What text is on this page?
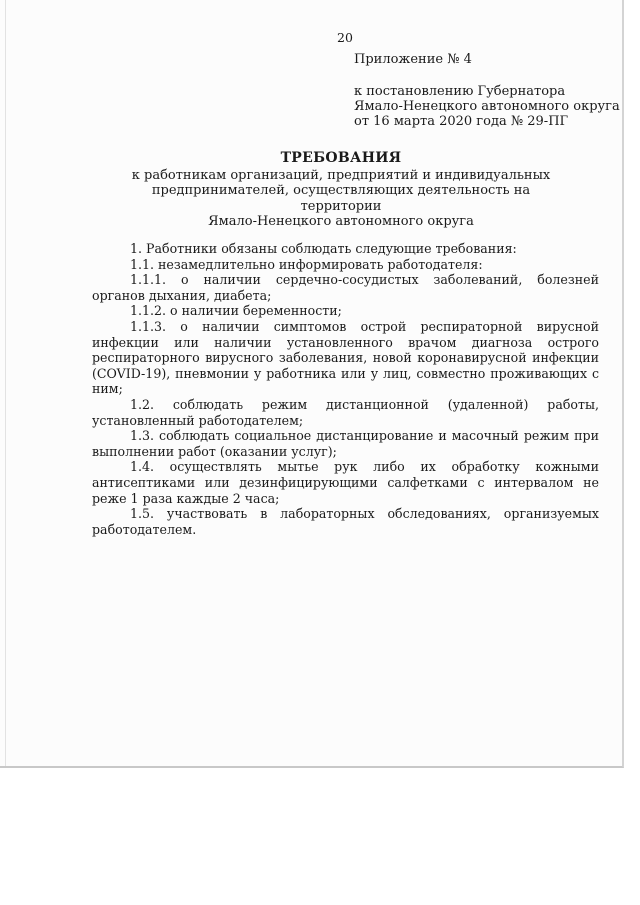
20
Приложение № 4
к постановлению Губернатора
Ямало-Ненецкого автономного округа
от 16 марта 2020 года № 29-ПГ
ТРЕБОВАНИЯ
к работникам организаций, предприятий и индивидуальных
предпринимателей, осуществляющих деятельность на территории
Ямало-Ненецкого автономного округа

1. Работники обязаны соблюдать следующие требования:

1.1. незамедлительно информировать работодателя:

1.1.1. о наличии сердечно-сосудистых заболеваний, болезней органов дыхания, диабета;

1.1.2. о наличии беременности;

1.1.3. о наличии симптомов острой респираторной вирусной инфекции или наличии установленного врачом диагноза острого респираторного вирусного заболевания, новой коронавирусной инфекции (COVID-19), пневмонии у работника или у лиц, совместно проживающих с ним;

1.2. соблюдать режим дистанционной (удаленной) работы, установленный работодателем;

1.3. соблюдать социальное дистанцирование и масочный режим при выполнении работ (оказании услуг);

1.4. осуществлять мытье рук либо их обработку кожными антисептиками или дезинфицирующими салфетками с интервалом не реже 1 раза каждые 2 часа;

1.5. участвовать в лабораторных обследованиях, организуемых работодателем.
